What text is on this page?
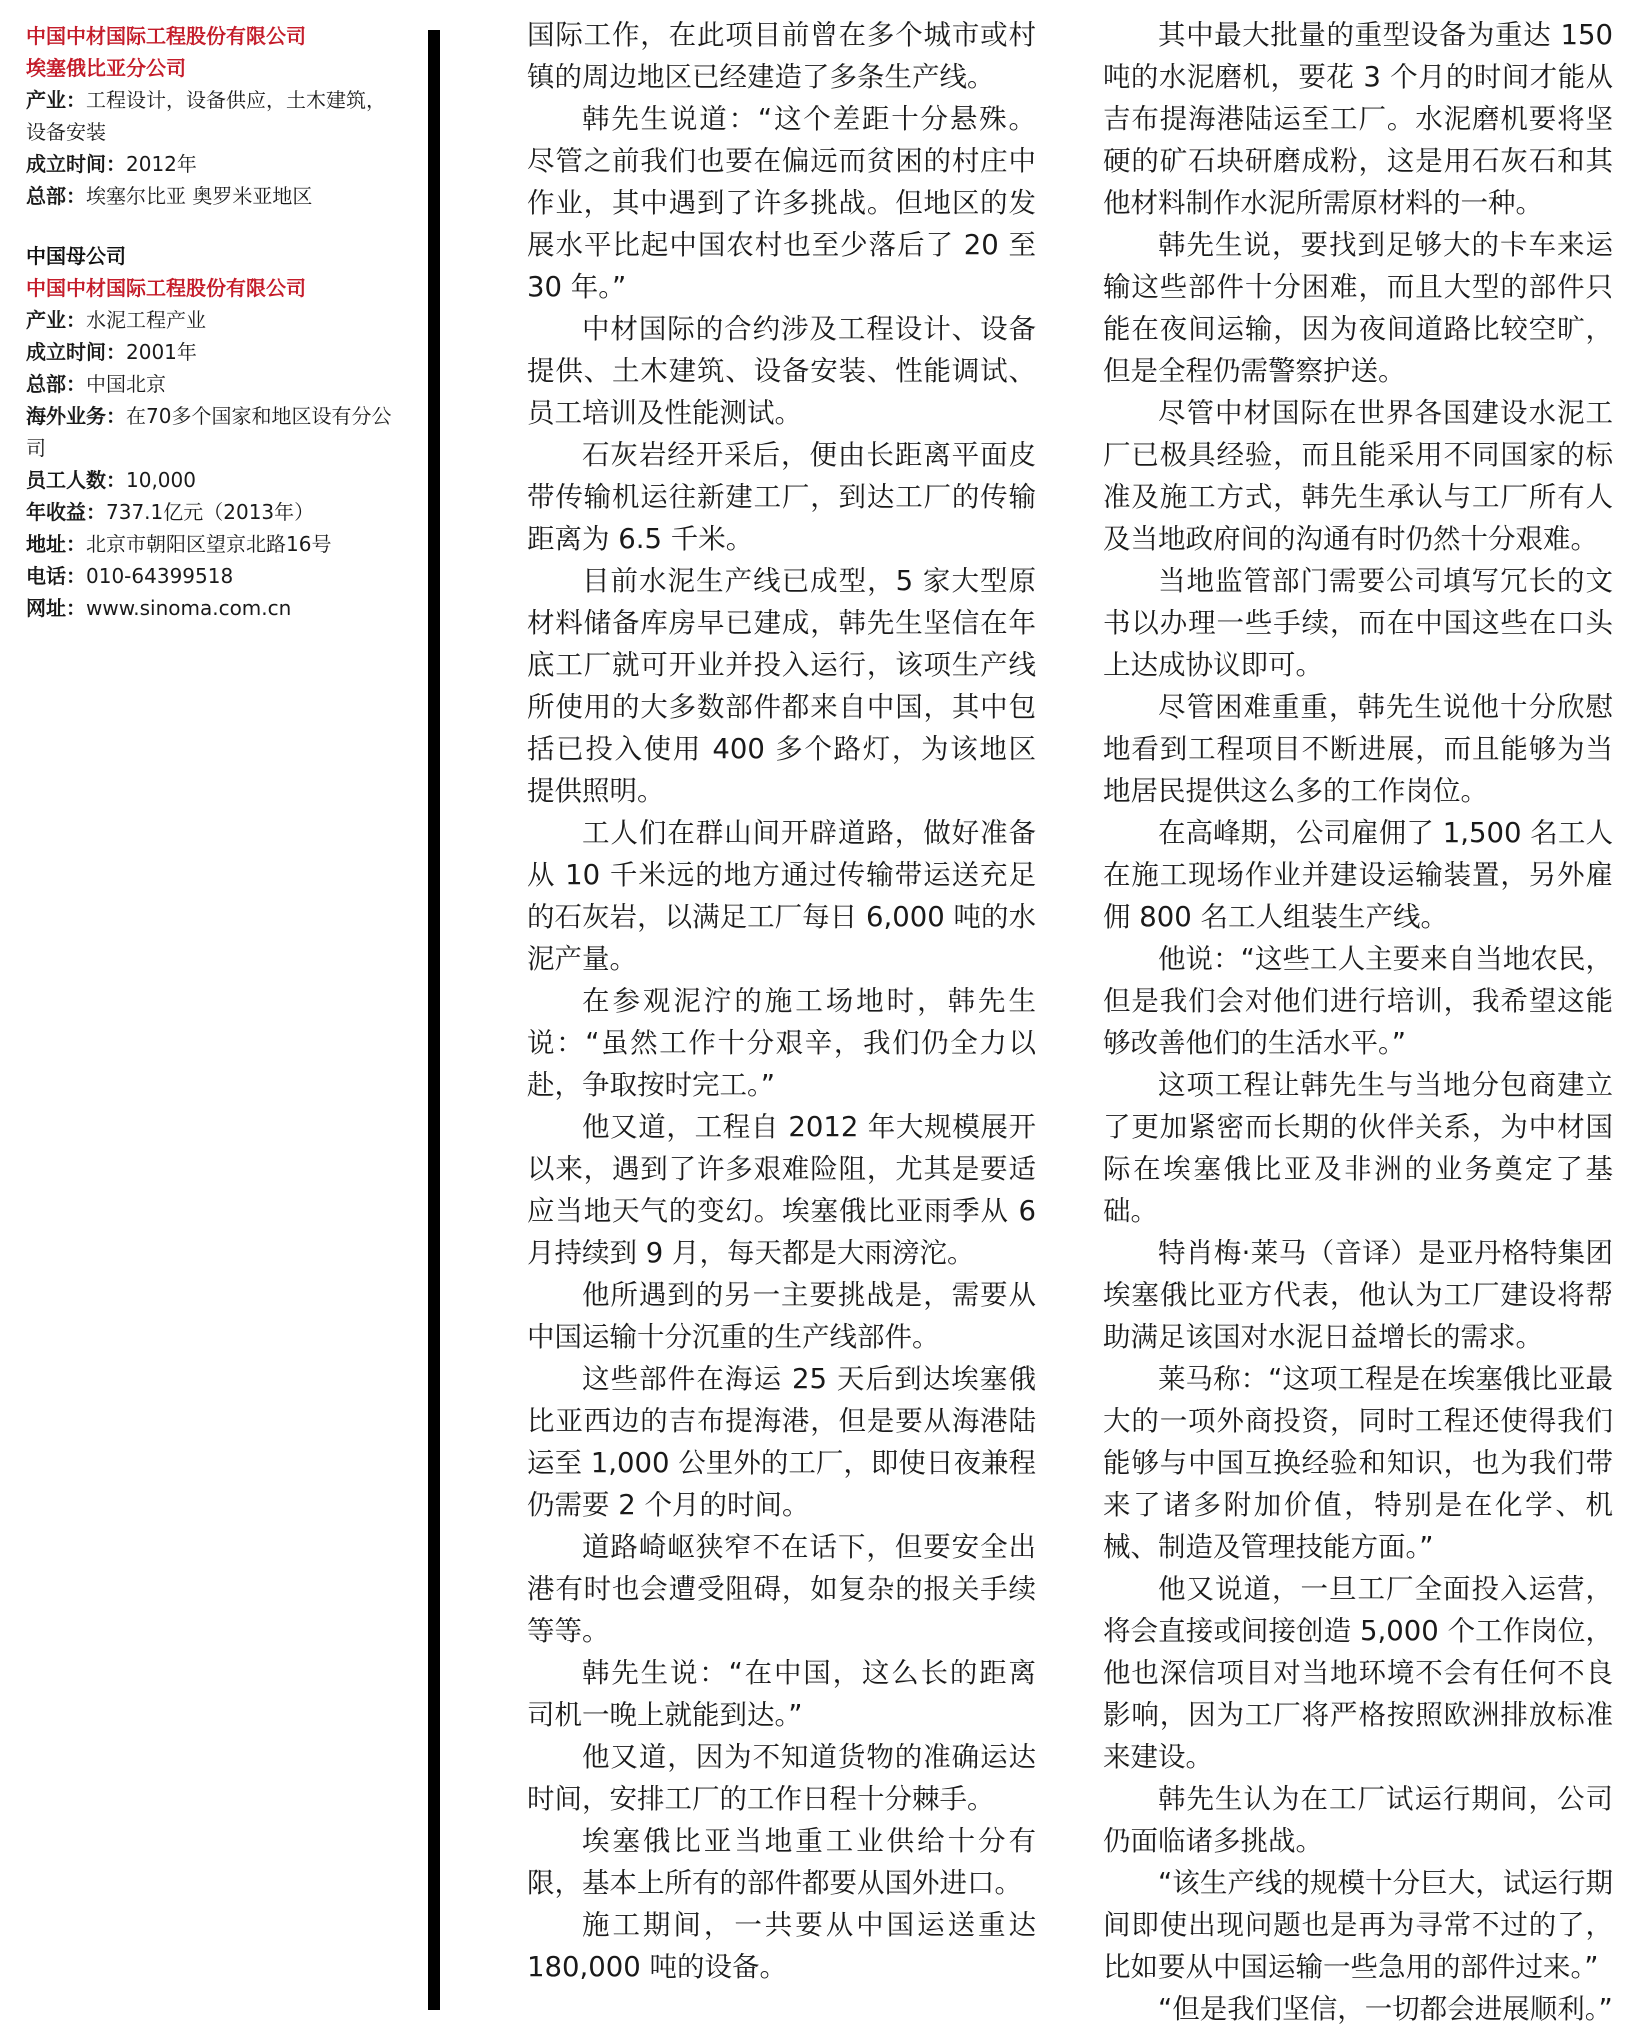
中国中材国际工程股份有限公司
埃塞俄比亚分公司
产业：工程设计，设备供应，土木建筑，设备安装
成立时间：2012年
总部：埃塞尔比亚 奥罗米亚地区
中国母公司
中国中材国际工程股份有限公司
产业：水泥工程产业
成立时间：2001年
总部：中国北京
海外业务：在70多个国家和地区设有分公司
员工人数：10,000
年收益：737.1亿元（2013年）
地址：北京市朝阳区望京北路16号
电话：010-64399518
网址：www.sinoma.com.cn

国际工作，在此项目前曾在多个城市或村镇的周边地区已经建造了多条生产线。

韩先生说道：“这个差距十分悬殊。尽管之前我们也要在偏远而贫困的村庄中作业，其中遇到了许多挑战。但地区的发展水平比起中国农村也至少落后了 20 至 30 年。”

中材国际的合约涉及工程设计、设备提供、土木建筑、设备安装、性能调试、员工培训及性能测试。

石灰岩经开采后，便由长距离平面皮带传输机运往新建工厂，到达工厂的传输距离为 6.5 千米。

目前水泥生产线已成型，5 家大型原材料储备库房早已建成，韩先生坚信在年底工厂就可开业并投入运行，该项生产线所使用的大多数部件都来自中国，其中包括已投入使用 400 多个路灯，为该地区提供照明。

工人们在群山间开辟道路，做好准备从 10 千米远的地方通过传输带运送充足的石灰岩，以满足工厂每日 6,000 吨的水泥产量。

在参观泥泞的施工场地时，韩先生说：“虽然工作十分艰辛，我们仍全力以赴，争取按时完工。”

他又道，工程自 2012 年大规模展开以来，遇到了许多艰难险阻，尤其是要适应当地天气的变幻。埃塞俄比亚雨季从 6 月持续到 9 月，每天都是大雨滂沱。

他所遇到的另一主要挑战是，需要从中国运输十分沉重的生产线部件。

这些部件在海运 25 天后到达埃塞俄比亚西边的吉布提海港，但是要从海港陆运至 1,000 公里外的工厂，即使日夜兼程仍需要 2 个月的时间。

道路崎岖狭窄不在话下，但要安全出港有时也会遭受阻碍，如复杂的报关手续等等。

韩先生说：“在中国，这么长的距离司机一晚上就能到达。”

他又道，因为不知道货物的准确运达时间，安排工厂的工作日程十分棘手。

埃塞俄比亚当地重工业供给十分有限，基本上所有的部件都要从国外进口。

施工期间，一共要从中国运送重达 180,000 吨的设备。

其中最大批量的重型设备为重达 150 吨的水泥磨机，要花 3 个月的时间才能从吉布提海港陆运至工厂。水泥磨机要将坚硬的矿石块研磨成粉，这是用石灰石和其他材料制作水泥所需原材料的一种。

韩先生说，要找到足够大的卡车来运输这些部件十分困难，而且大型的部件只能在夜间运输，因为夜间道路比较空旷，但是全程仍需警察护送。

尽管中材国际在世界各国建设水泥工厂已极具经验，而且能采用不同国家的标准及施工方式，韩先生承认与工厂所有人及当地政府间的沟通有时仍然十分艰难。

当地监管部门需要公司填写冗长的文书以办理一些手续，而在中国这些在口头上达成协议即可。

尽管困难重重，韩先生说他十分欣慰地看到工程项目不断进展，而且能够为当地居民提供这么多的工作岗位。

在高峰期，公司雇佣了 1,500 名工人在施工现场作业并建设运输装置，另外雇佣 800 名工人组装生产线。

他说：“这些工人主要来自当地农民，但是我们会对他们进行培训，我希望这能够改善他们的生活水平。”

这项工程让韩先生与当地分包商建立了更加紧密而长期的伙伴关系，为中材国际在埃塞俄比亚及非洲的业务奠定了基础。

特肖梅·莱马（音译）是亚丹格特集团埃塞俄比亚方代表，他认为工厂建设将帮助满足该国对水泥日益增长的需求。

莱马称：“这项工程是在埃塞俄比亚最大的一项外商投资，同时工程还使得我们能够与中国互换经验和知识，也为我们带来了诸多附加价值，特别是在化学、机械、制造及管理技能方面。”

他又说道，一旦工厂全面投入运营，将会直接或间接创造 5,000 个工作岗位，他也深信项目对当地环境不会有任何不良影响，因为工厂将严格按照欧洲排放标准来建设。

韩先生认为在工厂试运行期间，公司仍面临诸多挑战。

“该生产线的规模十分巨大，试运行期间即使出现问题也是再为寻常不过的了，比如要从中国运输一些急用的部件过来。”

“但是我们坚信，一切都会进展顺利。”
